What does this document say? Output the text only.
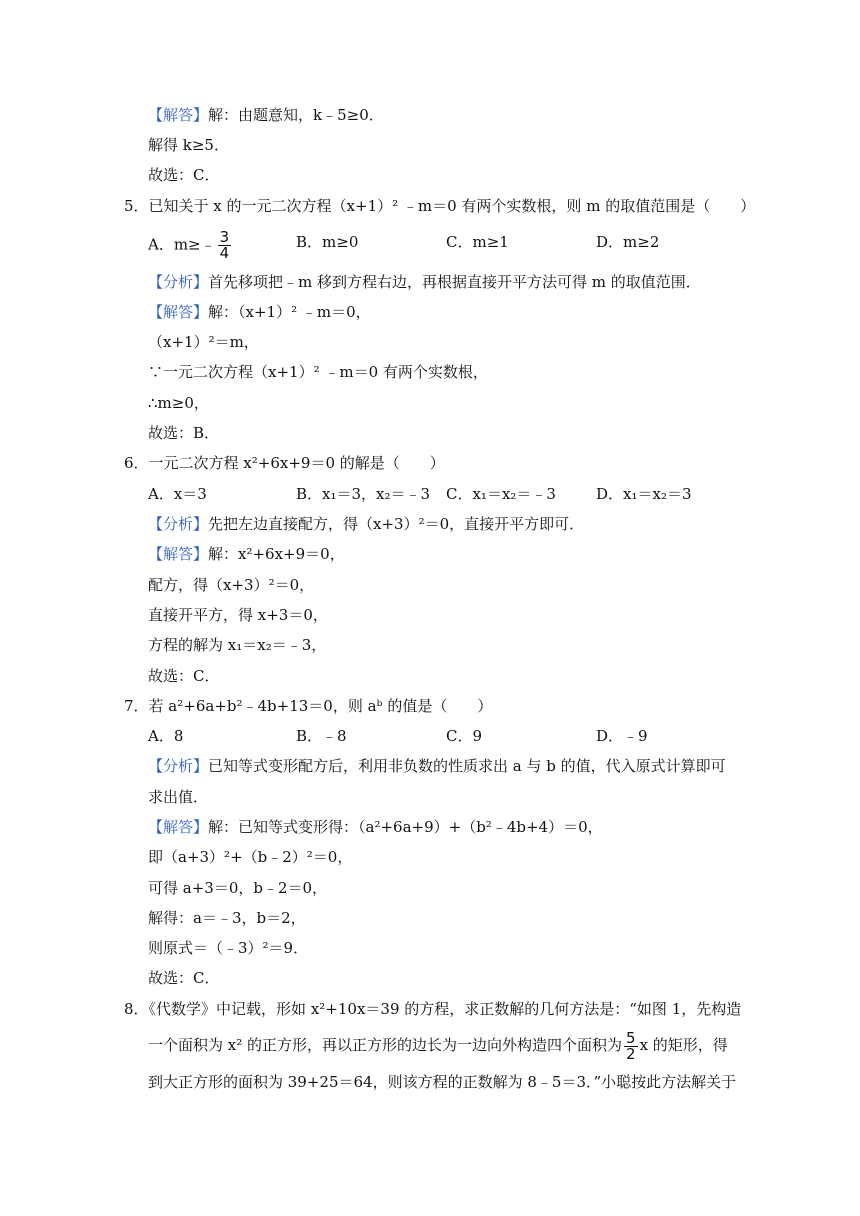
【解答】解：由题意知，k﹣5≥0．
解得 k≥5．
故选：C．
5．已知关于 x 的一元二次方程（x+1）² ﹣m＝0 有两个实数根，则 m 的取值范围是（　　）
A．m≥﹣ $\frac{3}{4}$	B．m≥0	C．m≥1	D．m≥2
【分析】首先移项把﹣m 移到方程右边，再根据直接开平方法可得 m 的取值范围．
【解答】解：（x+1）² ﹣m＝0，
（x+1）²＝m，
∵一元二次方程（x+1）² ﹣m＝0 有两个实数根，
∴m≥0，
故选：B．
6．一元二次方程 x²+6x+9＝0 的解是（　　）
A．x＝3	B．x₁＝3，x₂＝﹣3 C．x₁＝x₂＝﹣3	D．x₁＝x₂＝3
【分析】先把左边直接配方，得（x+3）²＝0，直接开平方即可．
【解答】解：x²+6x+9＝0，
配方，得（x+3）²＝0，
直接开平方，得 x+3＝0，
方程的解为 x₁＝x₂＝﹣3，
故选：C．
7．若 a²+6a+b²﹣4b+13＝0，则 aᵇ 的值是（　　）
A．8	B．﹣8	C．9	D．﹣9
【分析】已知等式变形配方后，利用非负数的性质求出 a 与 b 的值，代入原式计算即可
求出值．
【解答】解：已知等式变形得：（a²+6a+9）+（b²﹣4b+4）＝0，
即（a+3）²+（b﹣2）²＝0，
可得 a+3＝0，b﹣2＝0，
解得：a＝﹣3，b＝2，
则原式＝（﹣3）²＝9．
故选：C．
8．《代数学》中记载，形如 x²+10x＝39 的方程，求正数解的几何方法是：“如图 1，先构造
一个面积为 x² 的正方形，再以正方形的边长为一边向外构造四个面积为 $\frac{5}{2}$ x 的矩形，得
到大正方形的面积为 39+25＝64，则该方程的正数解为 8﹣5＝3．”小聪按此方法解关于
